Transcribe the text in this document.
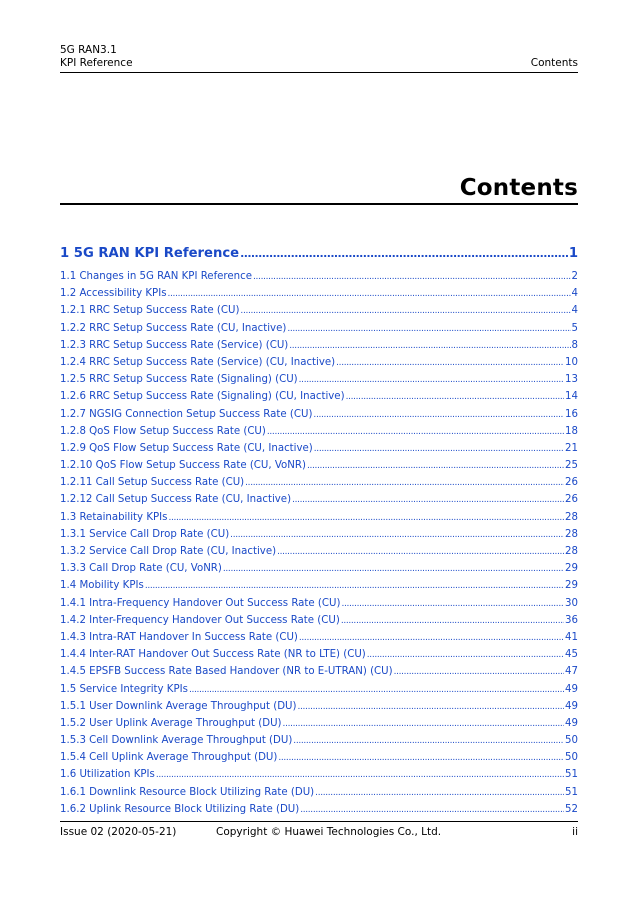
5G RAN3.1
KPI Reference	Contents
Contents
1 5G RAN KPI Reference . . .	1
1.1 Changes in 5G RAN KPI Reference . . .	2
1.2 Accessibility KPIs . . .	4
1.2.1 RRC Setup Success Rate (CU) . . .	4
1.2.2 RRC Setup Success Rate (CU, Inactive) . . .	5
1.2.3 RRC Setup Success Rate (Service) (CU) . . .	8
1.2.4 RRC Setup Success Rate (Service) (CU, Inactive) . . .	10
1.2.5 RRC Setup Success Rate (Signaling) (CU) . . .	13
1.2.6 RRC Setup Success Rate (Signaling) (CU, Inactive) . . .	14
1.2.7 NGSIG Connection Setup Success Rate (CU) . . .	16
1.2.8 QoS Flow Setup Success Rate (CU) . . .	18
1.2.9 QoS Flow Setup Success Rate (CU, Inactive) . . .	21
1.2.10 QoS Flow Setup Success Rate (CU, VoNR) . . .	25
1.2.11 Call Setup Success Rate (CU) . . .	26
1.2.12 Call Setup Success Rate (CU, Inactive) . . .	26
1.3 Retainability KPIs . . .	28
1.3.1 Service Call Drop Rate (CU) . . .	28
1.3.2 Service Call Drop Rate (CU, Inactive) . . .	28
1.3.3 Call Drop Rate (CU, VoNR) . . .	29
1.4 Mobility KPIs . . .	29
1.4.1 Intra-Frequency Handover Out Success Rate (CU) . . .	30
1.4.2 Inter-Frequency Handover Out Success Rate (CU) . . .	36
1.4.3 Intra-RAT Handover In Success Rate (CU) . . .	41
1.4.4 Inter-RAT Handover Out Success Rate (NR to LTE) (CU) . . .	45
1.4.5 EPSFB Success Rate Based Handover (NR to E-UTRAN) (CU) . . .	47
1.5 Service Integrity KPIs . . .	49
1.5.1 User Downlink Average Throughput (DU) . . .	49
1.5.2 User Uplink Average Throughput (DU) . . .	49
1.5.3 Cell Downlink Average Throughput (DU) . . .	50
1.5.4 Cell Uplink Average Throughput (DU) . . .	50
1.6 Utilization KPIs . . .	51
1.6.1 Downlink Resource Block Utilizing Rate (DU) . . .	51
1.6.2 Uplink Resource Block Utilizing Rate (DU) . . .	52
Issue 02 (2020-05-21)	ii
Copyright © Huawei Technologies Co., Ltd.
